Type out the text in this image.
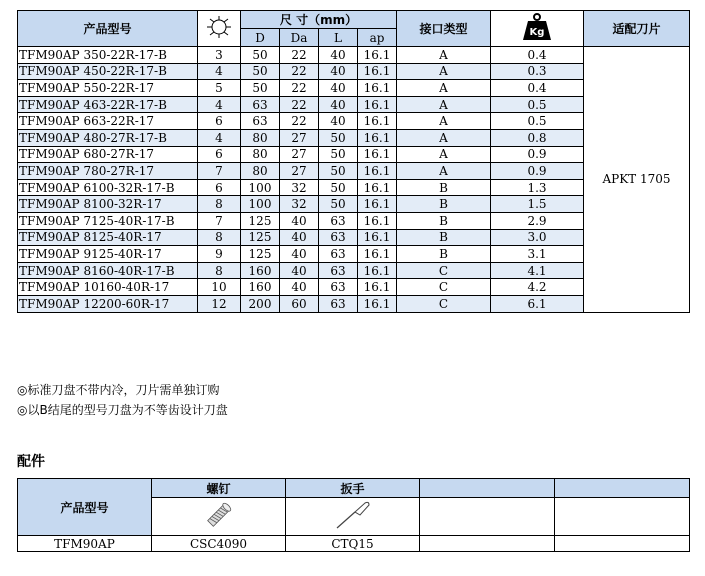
产品型号		尺 寸（mm）				接口类型	Kg	适配刀片
		D	Da	L	ap			
TFM90AP 350-22R-17-B	3	50	22	40	16.1	A	0.4	APKT 1705
TFM90AP 450-22R-17-B	4	50	22	40	16.1	A	0.3	
TFM90AP 550-22R-17	5	50	22	40	16.1	A	0.4	
TFM90AP 463-22R-17-B	4	63	22	40	16.1	A	0.5	
TFM90AP 663-22R-17	6	63	22	40	16.1	A	0.5	
TFM90AP 480-27R-17-B	4	80	27	50	16.1	A	0.8	
TFM90AP 680-27R-17	6	80	27	50	16.1	A	0.9	
TFM90AP 780-27R-17	7	80	27	50	16.1	A	0.9	
TFM90AP 6100-32R-17-B	6	100	32	50	16.1	B	1.3	
TFM90AP 8100-32R-17	8	100	32	50	16.1	B	1.5	
TFM90AP 7125-40R-17-B	7	125	40	63	16.1	B	2.9	
TFM90AP 8125-40R-17	8	125	40	63	16.1	B	3.0	
TFM90AP 9125-40R-17	9	125	40	63	16.1	B	3.1	
TFM90AP 8160-40R-17-B	8	160	40	63	16.1	C	4.1	
TFM90AP 10160-40R-17	10	160	40	63	16.1	C	4.2	
TFM90AP 12200-60R-17	12	200	60	63	16.1	C	6.1	
◎标准刀盘不带内冷，刀片需单独订购
◎以B结尾的型号刀盘为不等齿设计刀盘
配件
产品型号	螺钉	扳手		

TFM90AP	CSC4090	CTQ15		
